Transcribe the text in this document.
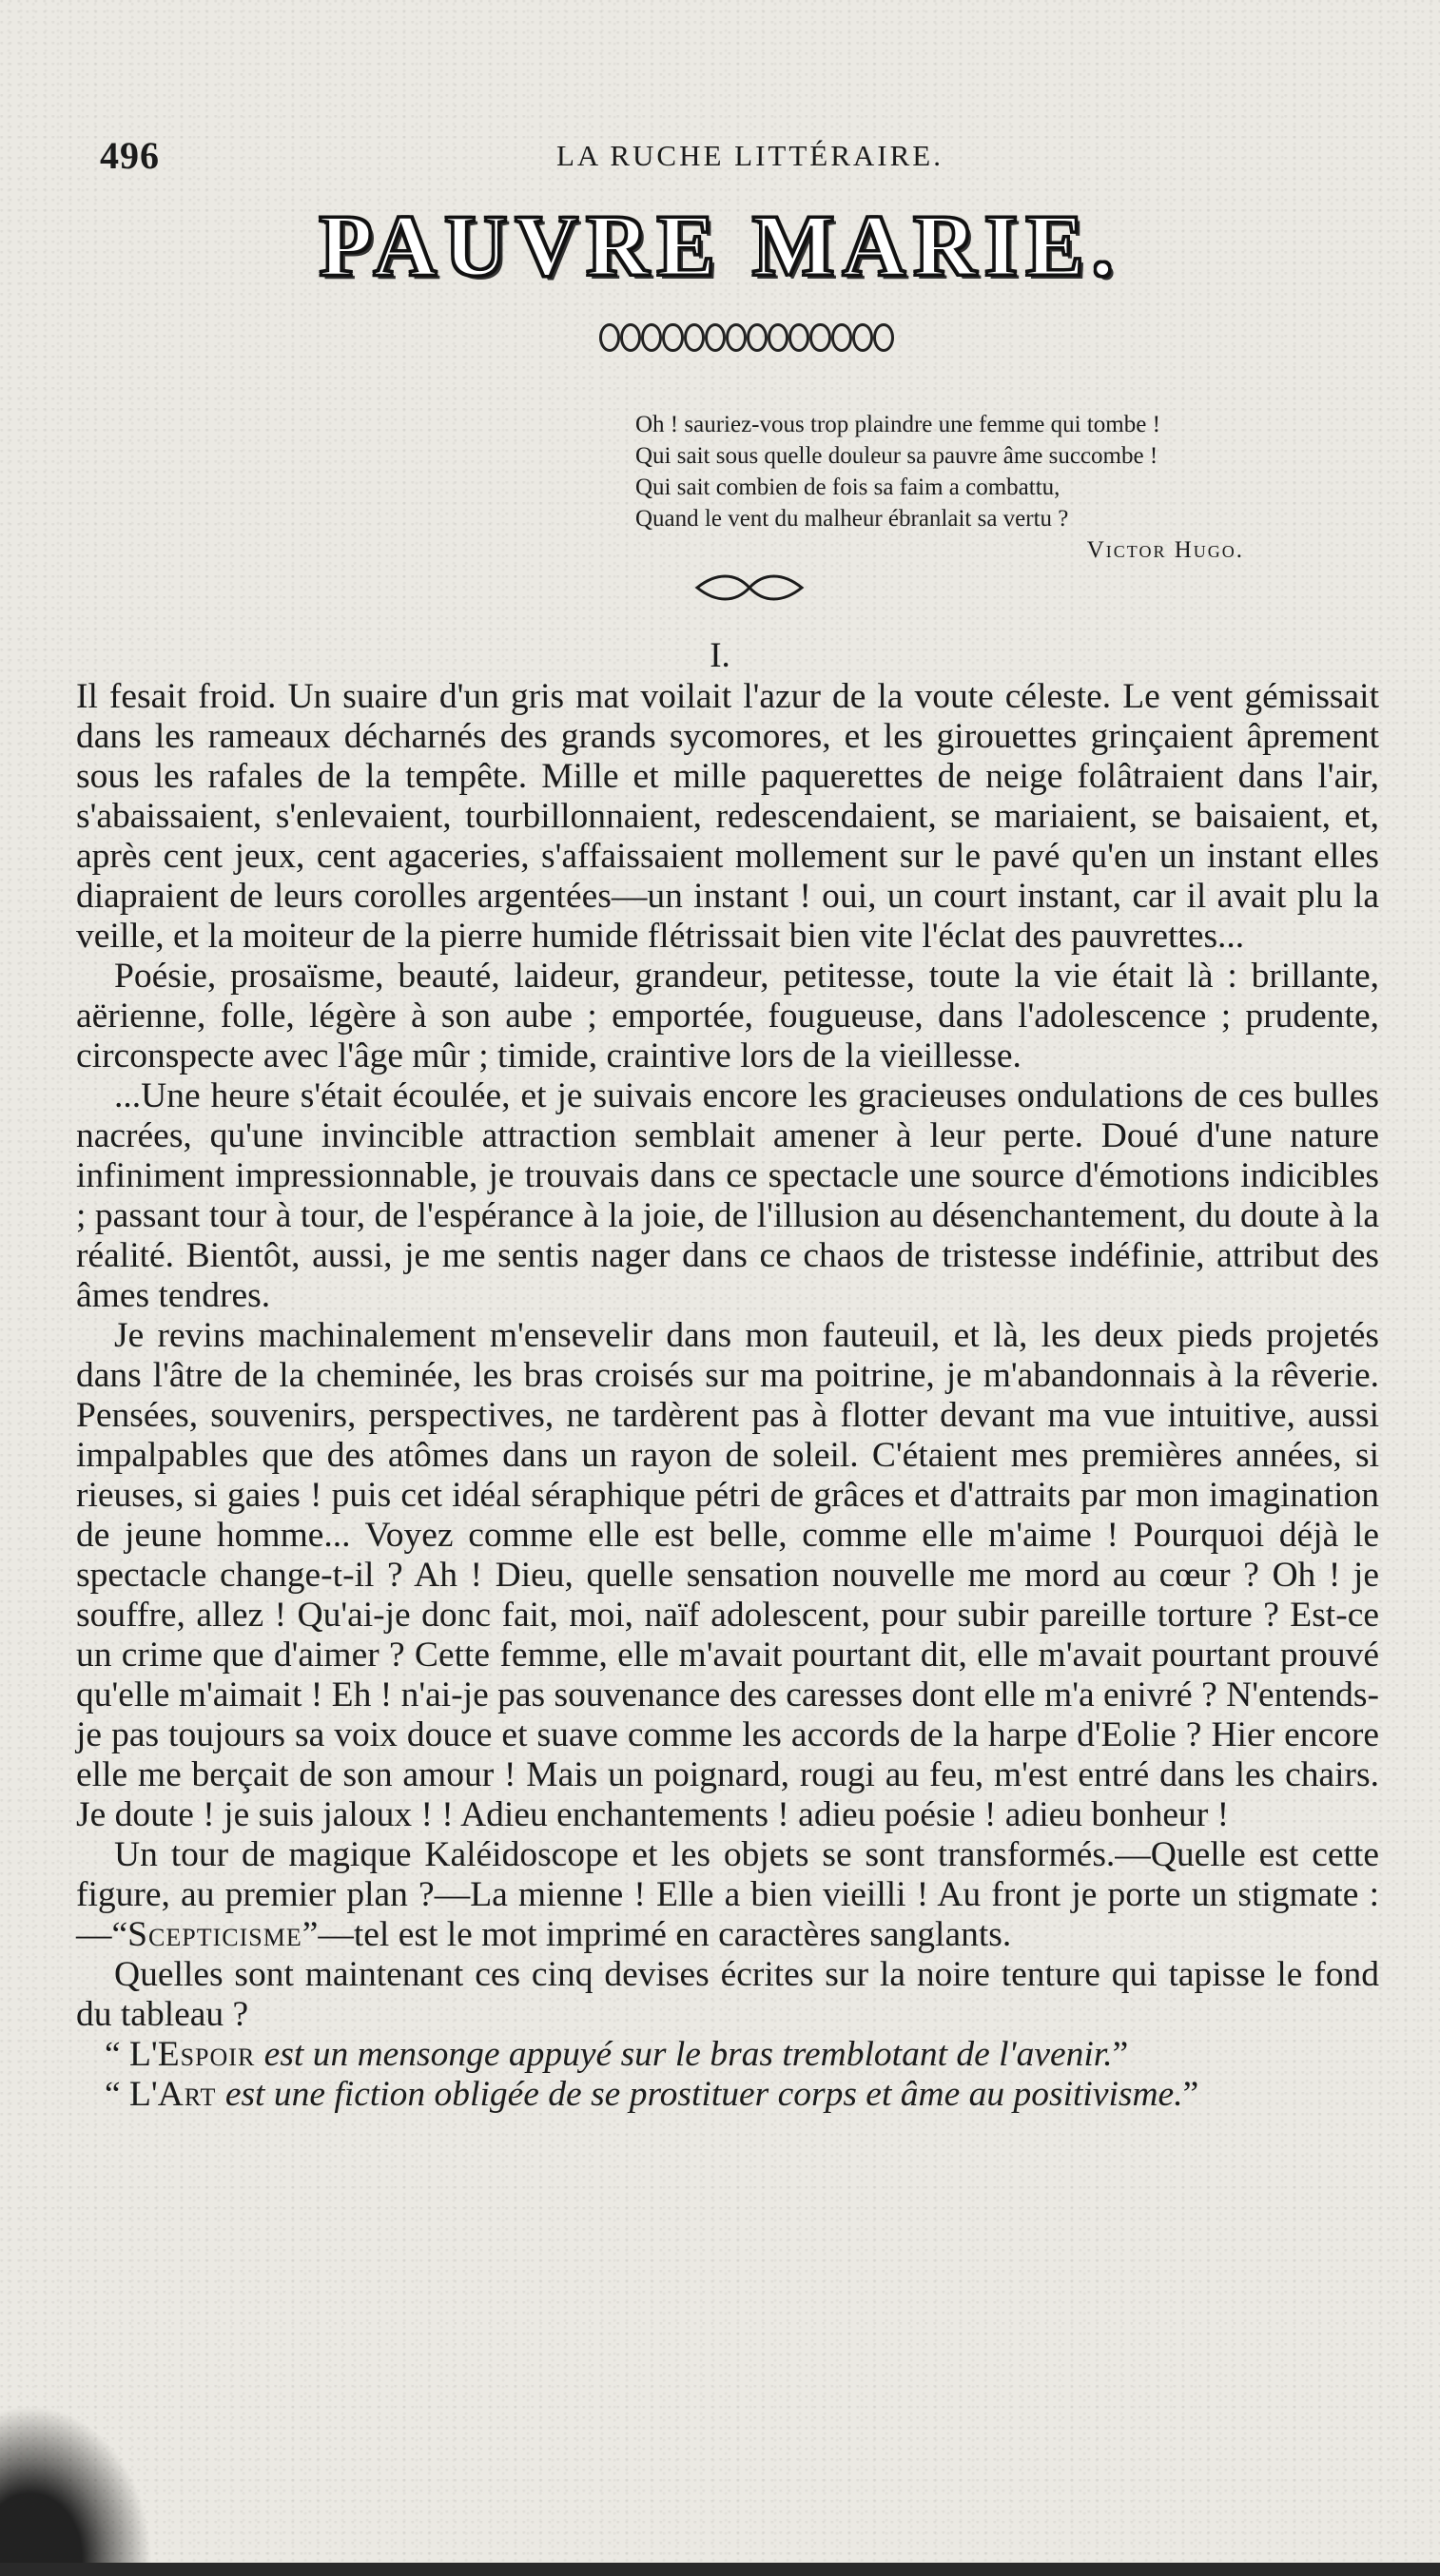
496	LA RUCHE LITTÉRAIRE.
PAUVRE MARIE.
Oh ! sauriez-vous trop plaindre une femme qui tombe !
Qui sait sous quelle douleur sa pauvre âme succombe !
Qui sait combien de fois sa faim a combattu,
Quand le vent du malheur ébranlait sa vertu ?
Victor Hugo.
I.

Il fesait froid. Un suaire d'un gris mat voilait l'azur de la voute céleste. Le vent gémissait dans les rameaux décharnés des grands sycomores, et les girouettes grinçaient âprement sous les rafales de la tempête. Mille et mille paquerettes de neige folâtraient dans l'air, s'abaissaient, s'enlevaient, tourbillonnaient, redescendaient, se mariaient, se baisaient, et, après cent jeux, cent agaceries, s'affaissaient mollement sur le pavé qu'en un instant elles diapraient de leurs corolles argentées—un instant ! oui, un court instant, car il avait plu la veille, et la moiteur de la pierre humide flétrissait bien vite l'éclat des pauvrettes...

Poésie, prosaïsme, beauté, laideur, grandeur, petitesse, toute la vie était là : brillante, aërienne, folle, légère à son aube ; emportée, fougueuse, dans l'adolescence ; prudente, circonspecte avec l'âge mûr ; timide, craintive lors de la vieillesse.

...Une heure s'était écoulée, et je suivais encore les gracieuses ondulations de ces bulles nacrées, qu'une invincible attraction semblait amener à leur perte. Doué d'une nature infiniment impressionnable, je trouvais dans ce spectacle une source d'émotions indicibles ; passant tour à tour, de l'espérance à la joie, de l'illusion au désenchantement, du doute à la réalité. Bientôt, aussi, je me sentis nager dans ce chaos de tristesse indéfinie, attribut des âmes tendres.

Je revins machinalement m'ensevelir dans mon fauteuil, et là, les deux pieds projetés dans l'âtre de la cheminée, les bras croisés sur ma poitrine, je m'abandonnais à la rêverie. Pensées, souvenirs, perspectives, ne tardèrent pas à flotter devant ma vue intuitive, aussi impalpables que des atômes dans un rayon de soleil. C'étaient mes premières années, si rieuses, si gaies ! puis cet idéal séraphique pétri de grâces et d'attraits par mon imagination de jeune homme... Voyez comme elle est belle, comme elle m'aime ! Pourquoi déjà le spectacle change-t-il ? Ah ! Dieu, quelle sensation nouvelle me mord au cœur ? Oh ! je souffre, allez ! Qu'ai-je donc fait, moi, naïf adolescent, pour subir pareille torture ? Est-ce un crime que d'aimer ? Cette femme, elle m'avait pourtant dit, elle m'avait pourtant prouvé qu'elle m'aimait ! Eh ! n'ai-je pas souvenance des caresses dont elle m'a enivré ? N'entends-je pas toujours sa voix douce et suave comme les accords de la harpe d'Eolie ? Hier encore elle me berçait de son amour ! Mais un poignard, rougi au feu, m'est entré dans les chairs. Je doute ! je suis jaloux ! ! Adieu enchantements ! adieu poésie ! adieu bonheur !

Un tour de magique Kaléidoscope et les objets se sont transformés.—Quelle est cette figure, au premier plan ?—La mienne ! Elle a bien vieilli ! Au front je porte un stigmate :—“Scepticisme”—tel est le mot imprimé en caractères sanglants.

Quelles sont maintenant ces cinq devises écrites sur la noire tenture qui tapisse le fond du tableau ?

“ L'Espoir est un mensonge appuyé sur le bras tremblotant de l'avenir.”

“ L'Art est une fiction obligée de se prostituer corps et âme au positivisme.”
